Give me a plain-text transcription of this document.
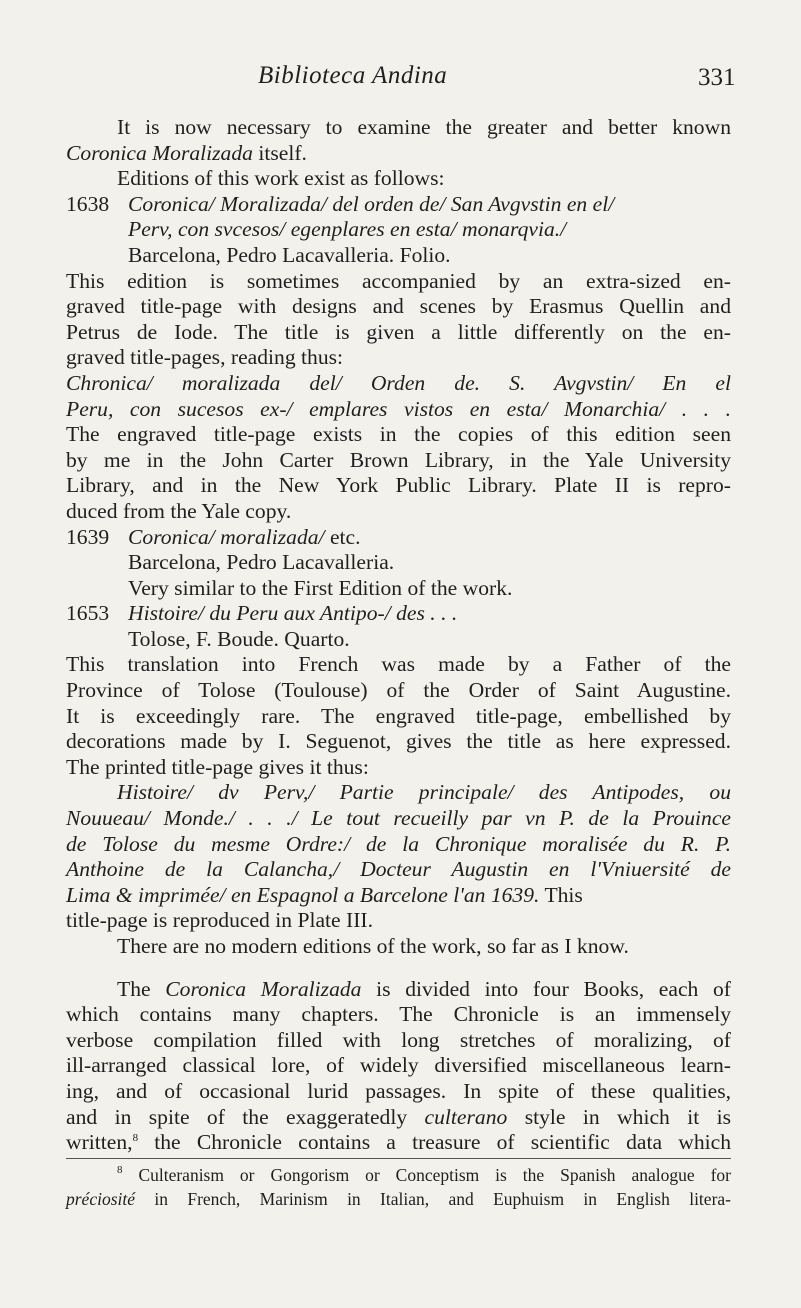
Biblioteca Andina	331
It is now necessary to examine the greater and better known
Coronica Moralizada itself.
Editions of this work exist as follows:
1638 Coronica/ Moralizada/ del orden de/ San Avgvstin en el/
Perv, con svcesos/ egenplares en esta/ monarqvia./
Barcelona, Pedro Lacavalleria. Folio.
This edition is sometimes accompanied by an extra-sized en-
graved title-page with designs and scenes by Erasmus Quellin and
Petrus de Iode. The title is given a little differently on the en-
graved title-pages, reading thus:
Chronica/ moralizada del/ Orden de. S. Avgvstin/ En el
Peru, con sucesos ex-/ emplares vistos en esta/ Monarchia/ . . .
The engraved title-page exists in the copies of this edition seen
by me in the John Carter Brown Library, in the Yale University
Library, and in the New York Public Library. Plate II is repro-
duced from the Yale copy.
1639 Coronica/ moralizada/ etc.
Barcelona, Pedro Lacavalleria.
Very similar to the First Edition of the work.
1653 Histoire/ du Peru aux Antipo-/ des . . .
Tolose, F. Boude. Quarto.
This translation into French was made by a Father of the
Province of Tolose (Toulouse) of the Order of Saint Augustine.
It is exceedingly rare. The engraved title-page, embellished by
decorations made by I. Seguenot, gives the title as here expressed.
The printed title-page gives it thus:
Histoire/ dv Perv,/ Partie principale/ des Antipodes, ou
Nouueau/ Monde./ . . ./ Le tout recueilly par vn P. de la Prouince
de Tolose du mesme Ordre:/ de la Chronique moralisée du R. P.
Anthoine de la Calancha,/ Docteur Augustin en l'Vniuersité de
Lima & imprimée/ en Espagnol a Barcelone l'an 1639. This
title-page is reproduced in Plate III.
There are no modern editions of the work, so far as I know.
The Coronica Moralizada is divided into four Books, each of
which contains many chapters. The Chronicle is an immensely
verbose compilation filled with long stretches of moralizing, of
ill-arranged classical lore, of widely diversified miscellaneous learn-
ing, and of occasional lurid passages. In spite of these qualities,
and in spite of the exaggeratedly culterano style in which it is
written,$^8$ the Chronicle contains a treasure of scientific data which
$^8$ Culteranism or Gongorism or Conceptism is the Spanish analogue for
préciosité in French, Marinism in Italian, and Euphuism in English litera-
